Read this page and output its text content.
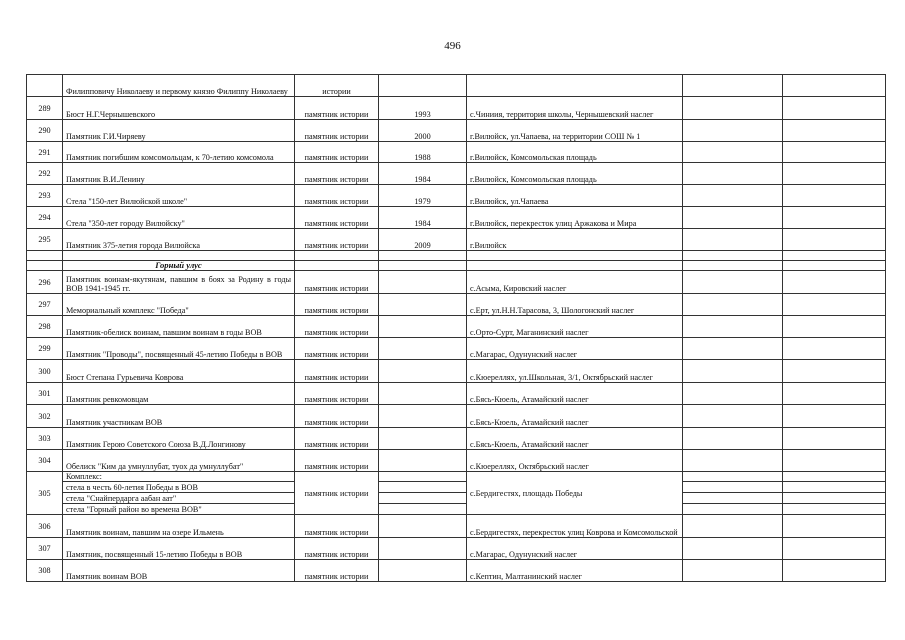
496
	Филипповичу Николаеву и первому князю Филиппу Николаеву	истории				
289	Бюст Н.Г.Чернышевского	памятник истории	1993	с.Чиниия, территория школы, Чернышевский наслег		
290	Памятник Г.И.Чиряеву	памятник истории	2000	г.Вилюйск, ул.Чапаева, на территории СОШ № 1		
291	Памятник погибшим комсомольцам, к 70-летию комсомола	памятник истории	1988	г.Вилюйск, Комсомольская площадь		
292	Памятник В.И.Ленину	памятник истории	1984	г.Вилюйск, Комсомольская площадь		
293	Стела "150-лет Вилюйской школе"	памятник истории	1979	г.Вилюйск, ул.Чапаева		
294	Стела "350-лет городу Вилюйску"	памятник истории	1984	г.Вилюйск, перекресток улиц Аржакова и Мира		
295	Памятник 375-летия города Вилюйска	памятник истории	2009	г.Вилюйск		

	Горный улус					
296	Памятник воинам-якутянам, павшим в боях за Родину в годы ВОВ 1941-1945 гг.	памятник истории		с.Асыма, Кировский наслег		
297	Мемориальный комплекс "Победа"	памятник истории		с.Ерт, ул.Н.Н.Тарасова, 3, Шологонский наслег		
298	Памятник-обелиск воинам, павшим воинам в годы ВОВ	памятник истории		с.Орто-Сурт, Маганинский наслег		
299	Памятник "Проводы", посвященный 45-летию Победы в ВОВ	памятник истории		с.Магарас, Одунунский наслег		
300	Бюст Степана Гурьевича Коврова	памятник истории		с.Кюереллях, ул.Школьная, 3/1, Октябрьский наслег		
301	Памятник ревкомовцам	памятник истории		с.Бясь-Кюель, Атамайский наслег		
302	Памятник участникам ВОВ	памятник истории		с.Бясь-Кюель, Атамайский наслег		
303	Памятник Герою Советского Союза В.Д.Лонгинову	памятник истории		с.Бясь-Кюель, Атамайский наслег		
304	Обелиск "Ким да умнуллубат, туох да умнуллубат"	памятник истории		с.Кюереллях, Октябрьский наслег		
305	Комплекс:	памятник истории		с.Бердигестях, площадь Победы		
	стела в честь 60-летия Победы в ВОВ					
	стела "Снайпердарга аабан аат"					
	стела "Горный район во времена ВОВ"					
306	Памятник воинам, павшим на озере Ильмень	памятник истории		с.Бердигестях, перекресток улиц Коврова и Комсомольской		
307	Памятник, посвященный 15-летию Победы в ВОВ	памятник истории		с.Магарас, Одунунский наслег		
308	Памятник воинам ВОВ	памятник истории		с.Кептин, Малтанинский наслег		
